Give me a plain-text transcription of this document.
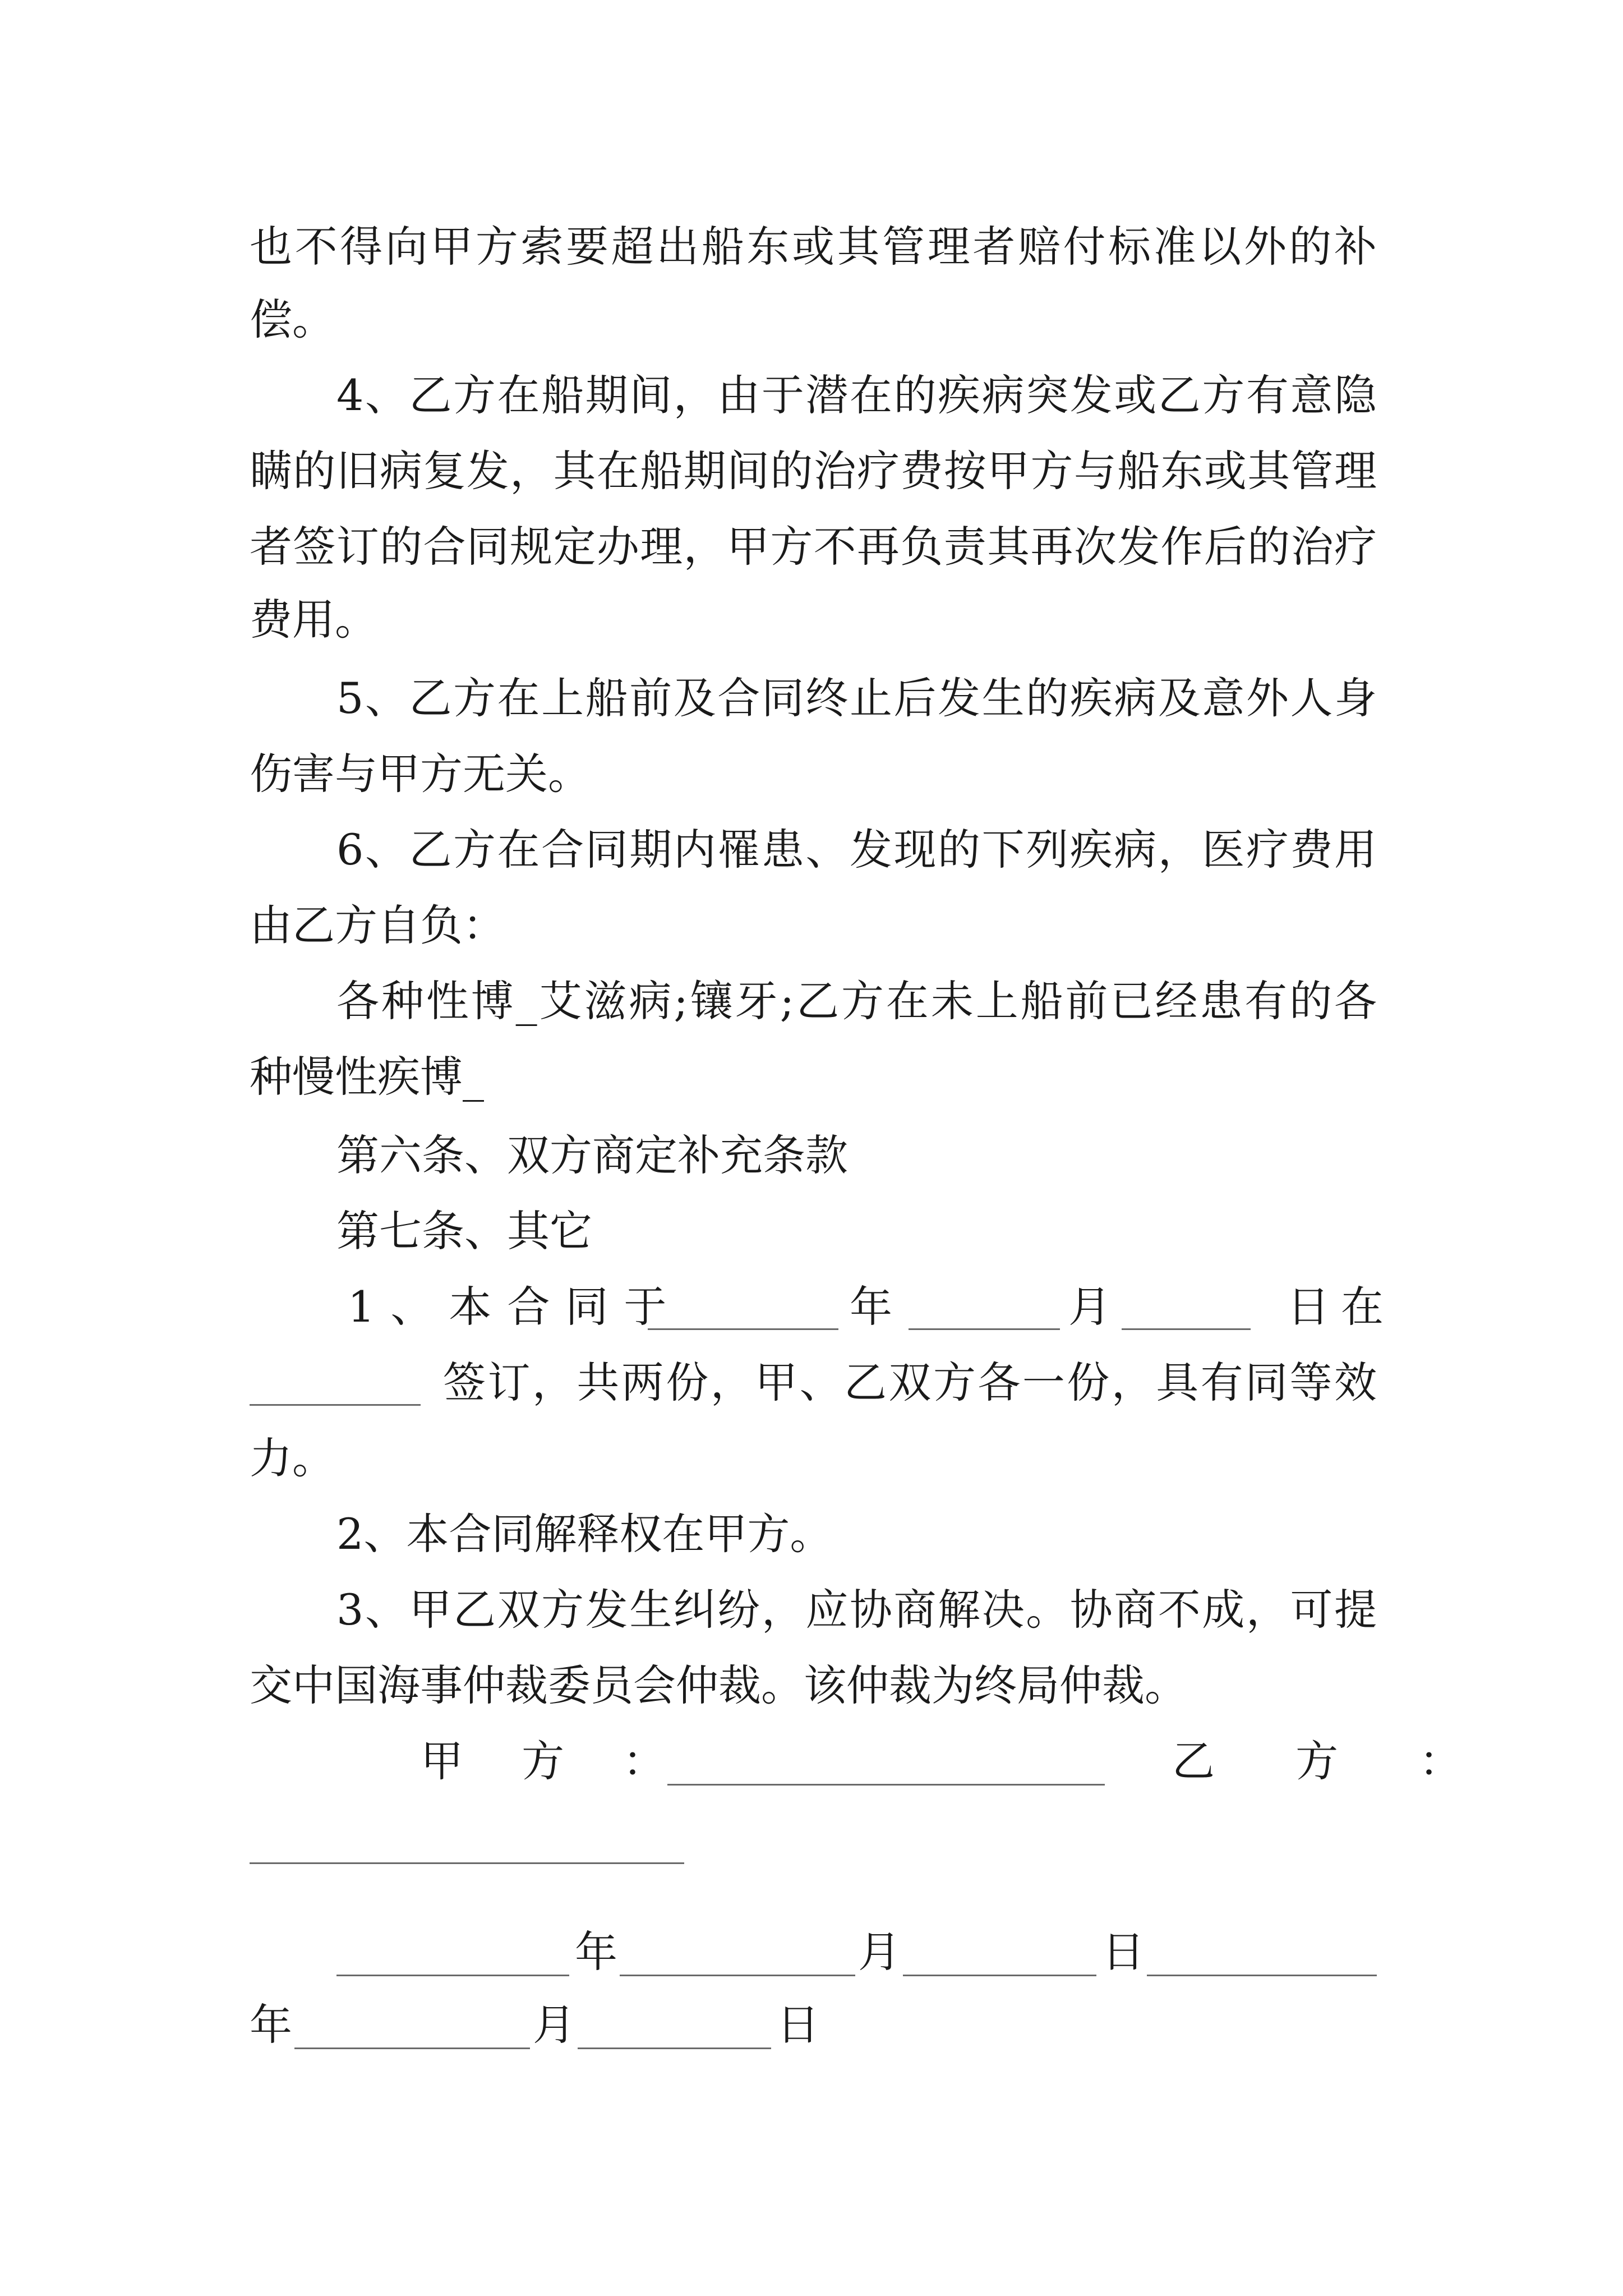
也不得向甲方索要超出船东或其管理者赔付标准以外的补
偿。
4、乙方在船期间，由于潜在的疾病突发或乙方有意隐
瞒的旧病复发，其在船期间的治疗费按甲方与船东或其管理
者签订的合同规定办理，甲方不再负责其再次发作后的治疗
费用。
5、乙方在上船前及合同终止后发生的疾病及意外人身
伤害与甲方无关。
6、乙方在合同期内罹患、发现的下列疾病，医疗费用
由乙方自负：
各种性博_艾滋病;镶牙;乙方在未上船前已经患有的各
种慢性疾博_
第六条、双方商定补充条款
第七条、其它
1、本合同于	年	月	日在
签订，共两份，甲、乙双方各一份，具有同等效
力。
2、本合同解释权在甲方。
3、甲乙双方发生纠纷，应协商解决。协商不成，可提
交中国海事仲裁委员会仲裁。该仲裁为终局仲裁。
甲 方 ：	乙 方 ：
年	月	日
年	月	日
